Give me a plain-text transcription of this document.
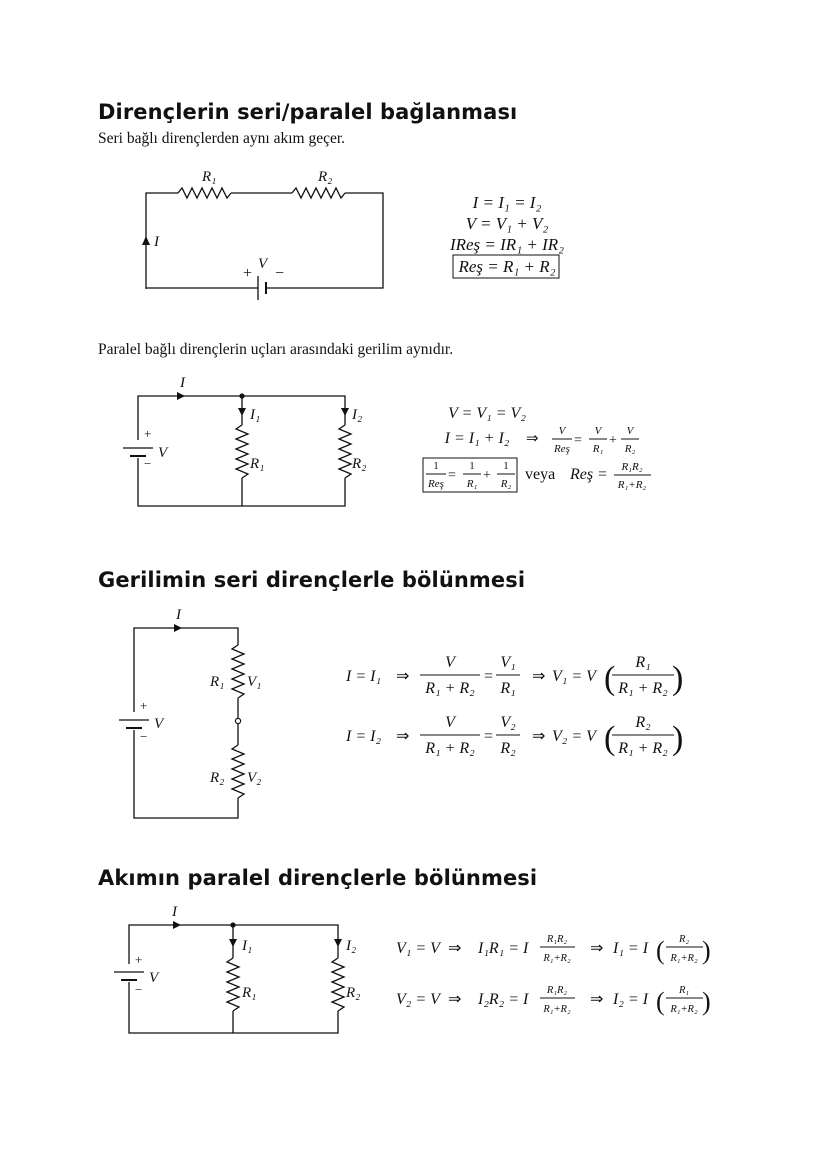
Dirençlerin seri/paralel bağlanması

Seri bağlı dirençlerden aynı akım geçer.

R₁	R₂
I
V
+ −
I = I₁ = I₂
V = V₁ + V₂
IReş = IR₁ + IR₂
Reş = R₁ + R₂

Paralel bağlı dirençlerin uçları arasındaki gerilim aynıdır.

I
I₁	I₂
R₁	R₂
V
+
−
V = V₁ = V₂
I = I₁ + I₂ ⇒ V
Reş
V
R₁
V
R₂
= +
1
Reş
1
R₁
1
R₂
= + veya Reş = R₁R₂
R₁+R₂
Gerilimin seri dirençlerle bölünmesi
I
R₁ V₁
R₂ V₂
V
+
−
I = I₁ ⇒
V
R₁ + R₂
=
V₁
R₁
⇒ V₁ = V
R₁
R₁ + R₂
( )
I = I₂ ⇒
V
R₁ + R₂
=
V₂
R₂
⇒ V₂ = V
R₂
R₁ + R₂
( )
Akımın paralel dirençlerle bölünmesi
I
I₁	I₂
R₁	R₂
V
+
−
V₁ = V ⇒ I₁R₁ = I	⇒ I₁ = I
R₁R₂
R₁+R₂
R₂
R₁+R₂
( )
V₂ = V ⇒ I₂R₂ = I	⇒ I₂ = I
R₁R₂
R₁+R₂
R₁
R₁+R₂
( )
